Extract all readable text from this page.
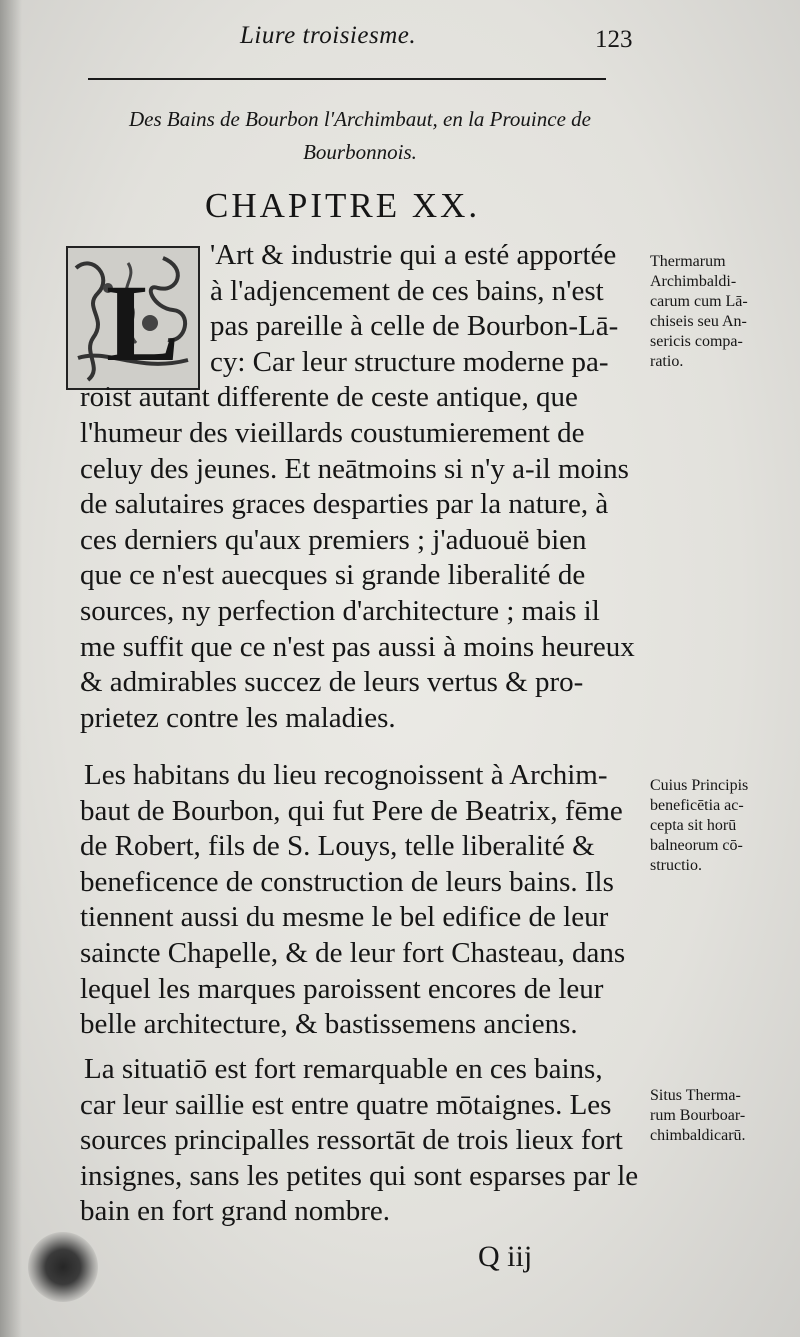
Liure troisiesme.	123
Des Bains de Bourbon l'Archimbaut, en la Prouince de Bourbonnois.
CHAPITRE XX.
L
'Art & industrie qui a esté apportée
à l'adjencement de ces bains, n'est
pas pareille à celle de Bourbon-Lā-
cy: Car leur structure moderne pa-
roist autant differente de ceste antique, que
l'humeur des vieillards coustumierement de
celuy des jeunes. Et neātmoins si n'y a-il moins
de salutaires graces desparties par la nature, à
ces derniers qu'aux premiers ; j'aduouë bien
que ce n'est auecques si grande liberalité de
sources, ny perfection d'architecture ; mais il
me suffit que ce n'est pas aussi à moins heureux
& admirables succez de leurs vertus & pro-
prietez contre les maladies.
Les habitans du lieu recognoissent à Archim-
baut de Bourbon, qui fut Pere de Beatrix, fēme
de Robert, fils de S. Louys, telle liberalité &
beneficence de construction de leurs bains. Ils
tiennent aussi du mesme le bel edifice de leur
saincte Chapelle, & de leur fort Chasteau, dans
lequel les marques paroissent encores de leur
belle architecture, & bastissemens anciens.
La situatiō est fort remarquable en ces bains,
car leur saillie est entre quatre mōtaignes. Les
sources principalles ressortāt de trois lieux fort
insignes, sans les petites qui sont esparses par le
bain en fort grand nombre.
Thermarum
Archimbaldi-
carum cum Lā-
chiseis seu An-
sericis compa-
ratio.
Cuius Principis
beneficētia ac-
cepta sit horū
balneorum cō-
structio.
Situs Therma-
rum Bourboar-
chimbaldicarū.
Q iij
